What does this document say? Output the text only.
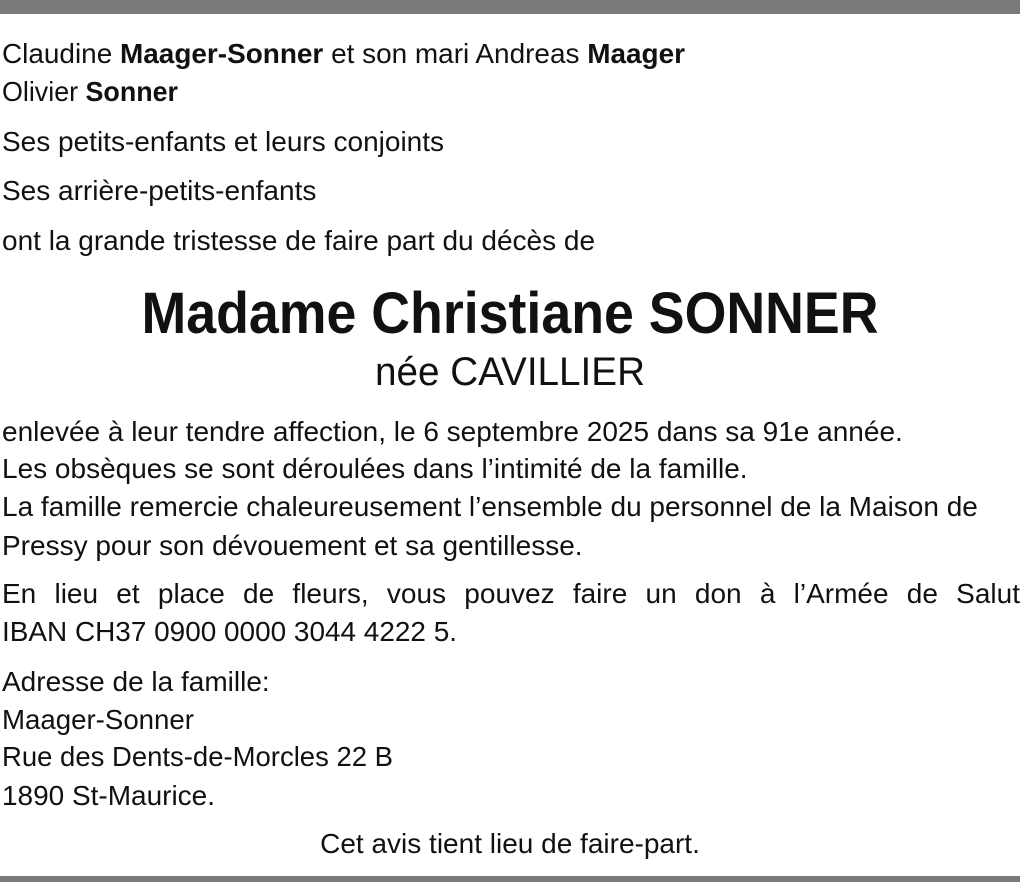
Claudine Maager-Sonner et son mari Andreas Maager
Olivier Sonner
Ses petits-enfants et leurs conjoints
Ses arrière-petits-enfants
ont la grande tristesse de faire part du décès de
Madame Christiane SONNER
née CAVILLIER
enlevée à leur tendre affection, le 6 septembre 2025 dans sa 91e année.
Les obsèques se sont déroulées dans l’intimité de la famille.
La famille remercie chaleureusement l’ensemble du personnel de la Maison de
Pressy pour son dévouement et sa gentillesse.
En lieu et place de fleurs, vous pouvez faire un don à l’Armée de Salut
IBAN CH37 0900 0000 3044 4222 5.
Adresse de la famille:
Maager-Sonner
Rue des Dents-de-Morcles 22 B
1890 St-Maurice.
Cet avis tient lieu de faire-part.
